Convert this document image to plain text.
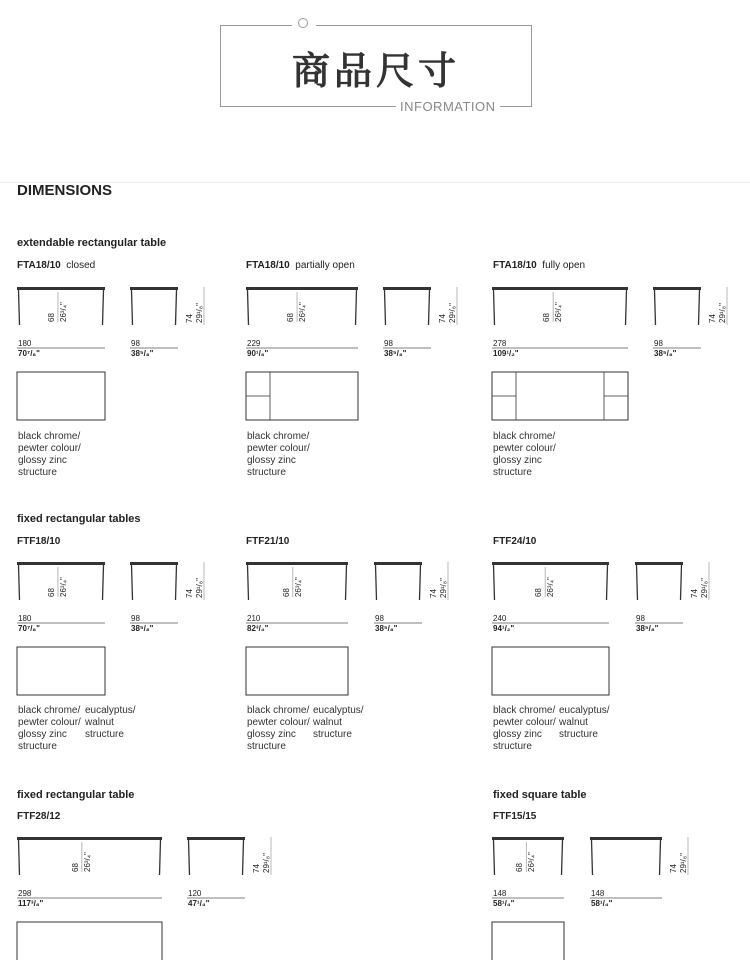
商品尺寸
INFORMATION
DIMENSIONS
extendable rectangular table
fixed rectangular tables
fixed rectangular table	fixed square table
FTA18/10 closed	FTA18/10 partially open	FTA18/10 fully open
FTF18/10	FTF21/10	FTF24/10
FTF28/12	FTF15/15
black chrome/
pewter colour/
glossy zinc
structure
black chrome/
pewter colour/
glossy zinc
structure
black chrome/
pewter colour/
glossy zinc
structure
black chrome/
pewter colour/
glossy zinc
structure
eucalyptus/
walnut
structure
black chrome/
pewter colour/
glossy zinc
structure
eucalyptus/
walnut
structure
black chrome/
pewter colour/
glossy zinc
structure
eucalyptus/
walnut
structure
68 26³/₄"	74 29¹/₈"
180
70⁷/₈"
98
38⁵/₈"
68 26³/₄"	74 29¹/₈"
229
90¹/₈"
98
38⁵/₈"
68 26³/₄"	74 29¹/₈"
278
109¹/₂"
98
38⁵/₈"
68 26³/₄"	74 29¹/₈"
180
70⁷/₈"
98
38⁵/₈"
68 26³/₄"	74 29¹/₈"
210
82³/₄"
98
38⁵/₈"
68 26³/₄"	74 29¹/₈"
240
94¹/₂"
98
38⁵/₈"
68 26³/₄"	74 29¹/₈"
298
117³/₈"
120
47¹/₄"
68 26³/₄"	74 29¹/₈"
148
58¹/₄"
148
58¹/₄"
